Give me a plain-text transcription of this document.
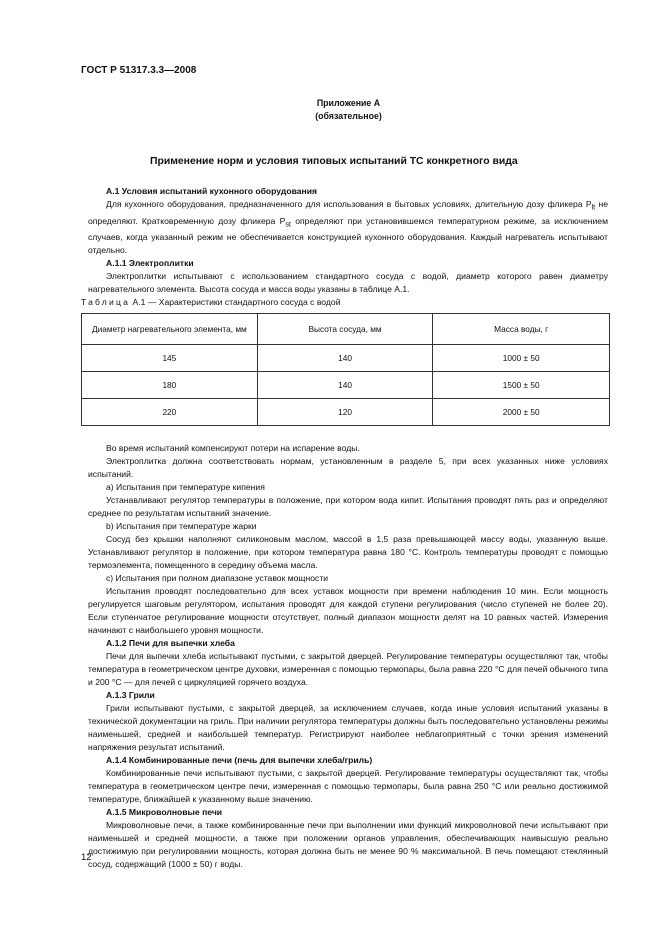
ГОСТ Р 51317.3.3—2008
Приложение А
(обязательное)
Применение норм и условия типовых испытаний ТС конкретного вида

А.1 Условия испытаний кухонного оборудования

Для кухонного оборудования, предназначенного для использования в бытовых условиях, длительную дозу фликера $P_{lt}$ не определяют. Кратковременную дозу фликера $P_{st}$ определяют при установившемся температурном режиме, за исключением случаев, когда указанный режим не обеспечивается конструкцией кухонного оборудования. Каждый нагреватель испытывают отдельно.

А.1.1 Электроплитки

Электроплитки испытывают с использованием стандартного сосуда с водой, диаметр которого равен диаметру нагревательного элемента. Высота сосуда и масса воды указаны в таблице А.1.

Таблица А.1 — Характеристики стандартного сосуда с водой
Диаметр нагревательного элемента, мм	Высота сосуда, мм	Масса воды, г
145	140	1000 ± 50
180	140	1500 ± 50
220	120	2000 ± 50

Во время испытаний компенсируют потери на испарение воды.

Электроплитка должна соответствовать нормам, установленным в разделе 5, при всех указанных ниже условиях испытаний.

а) Испытания при температуре кипения

Устанавливают регулятор температуры в положение, при котором вода кипит. Испытания проводят пять раз и определяют среднее по результатам испытаний значение.

b) Испытания при температуре жарки

Сосуд без крышки наполняют силиконовым маслом, массой в 1,5 раза превышающей массу воды, указанную выше. Устанавливают регулятор в положение, при котором температура равна 180 °С. Контроль температуры проводят с помощью термоэлемента, помещенного в середину объема масла.

с) Испытания при полном диапазоне уставок мощности

Испытания проводят последовательно для всех уставок мощности при времени наблюдения 10 мин. Если мощность регулируется шаговым регулятором, испытания проводят для каждой ступени регулирования (число ступеней не более 20). Если ступенчатое регулирование мощности отсутствует, полный диапазон мощности делят на 10 равных частей. Измерения начинают с наибольшего уровня мощности.

А.1.2 Печи для выпечки хлеба

Печи для выпечки хлеба испытывают пустыми, с закрытой дверцей. Регулирование температуры осуществляют так, чтобы температура в геометрическом центре духовки, измеренная с помощью термопары, была равна 220 °С для печей обычного типа и 200 °С — для печей с циркуляцией горячего воздуха.

А.1.3 Грили

Грили испытывают пустыми, с закрытой дверцей, за исключением случаев, когда иные условия испытаний указаны в технической документации на гриль. При наличии регулятора температуры должны быть последовательно установлены режимы наименьшей, средней и наибольшей температур. Регистрируют наиболее неблагоприятный с точки зрения изменений напряжения результат испытаний.

А.1.4 Комбинированные печи (печь для выпечки хлеба/гриль)

Комбинированные печи испытывают пустыми, с закрытой дверцей. Регулирование температуры осуществляют так, чтобы температура в геометрическом центре печи, измеренная с помощью термопары, была равна 250 °С или реально достижимой температуре, ближайшей к указанному выше значению.

А.1.5 Микроволновые печи

Микроволновые печи, а также комбинированные печи при выполнении ими функций микроволновой печи испытывают при наименьшей и средней мощности, а также при положении органов управления, обеспечивающих наивысшую реально достижимую при регулировании мощность, которая должна быть не менее 90 % максимальной. В печь помещают стеклянный сосуд, содержащий (1000 ± 50) г воды.

12
